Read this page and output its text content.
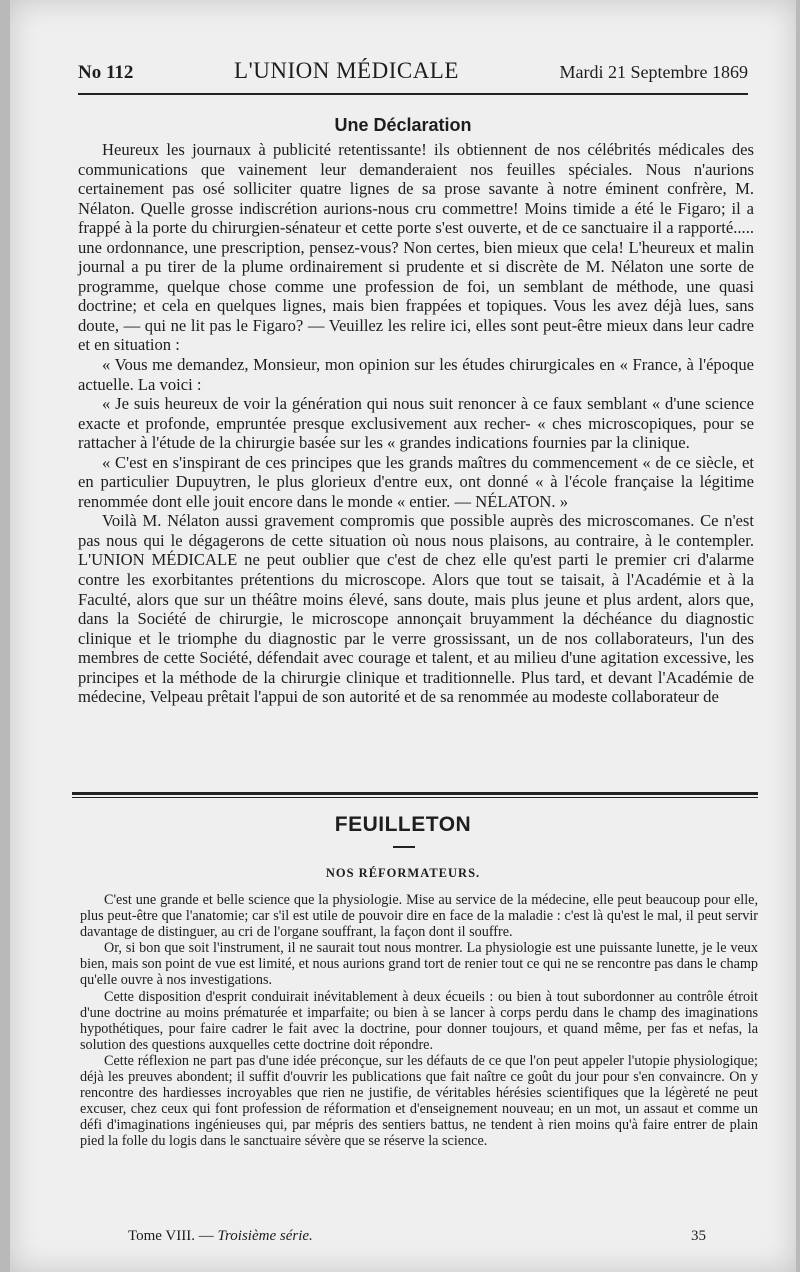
No 112	L'UNION MÉDICALE	Mardi 21 Septembre 1869
Une Déclaration

Heureux les journaux à publicité retentissante! ils obtiennent de nos célébrités médicales des communications que vainement leur demanderaient nos feuilles spéciales. Nous n'aurions certainement pas osé solliciter quatre lignes de sa prose savante à notre éminent confrère, M. Nélaton. Quelle grosse indiscrétion aurions-nous cru commettre! Moins timide a été le Figaro; il a frappé à la porte du chirurgien-sénateur et cette porte s'est ouverte, et de ce sanctuaire il a rapporté..... une ordonnance, une prescription, pensez-vous? Non certes, bien mieux que cela! L'heureux et malin journal a pu tirer de la plume ordinairement si prudente et si discrète de M. Nélaton une sorte de programme, quelque chose comme une profession de foi, un semblant de méthode, une quasi doctrine; et cela en quelques lignes, mais bien frappées et topiques. Vous les avez déjà lues, sans doute, — qui ne lit pas le Figaro? — Veuillez les relire ici, elles sont peut-être mieux dans leur cadre et en situation :

« Vous me demandez, Monsieur, mon opinion sur les études chirurgicales en « France, à l'époque actuelle. La voici :

« Je suis heureux de voir la génération qui nous suit renoncer à ce faux semblant « d'une science exacte et profonde, empruntée presque exclusivement aux recher- « ches microscopiques, pour se rattacher à l'étude de la chirurgie basée sur les « grandes indications fournies par la clinique.

« C'est en s'inspirant de ces principes que les grands maîtres du commencement « de ce siècle, et en particulier Dupuytren, le plus glorieux d'entre eux, ont donné « à l'école française la légitime renommée dont elle jouit encore dans le monde « entier. — NÉLATON. »

Voilà M. Nélaton aussi gravement compromis que possible auprès des microscomanes. Ce n'est pas nous qui le dégagerons de cette situation où nous nous plaisons, au contraire, à le contempler. L'UNION MÉDICALE ne peut oublier que c'est de chez elle qu'est parti le premier cri d'alarme contre les exorbitantes prétentions du microscope. Alors que tout se taisait, à l'Académie et à la Faculté, alors que sur un théâtre moins élevé, sans doute, mais plus jeune et plus ardent, alors que, dans la Société de chirurgie, le microscope annonçait bruyamment la déchéance du diagnostic clinique et le triomphe du diagnostic par le verre grossissant, un de nos collaborateurs, l'un des membres de cette Société, défendait avec courage et talent, et au milieu d'une agitation excessive, les principes et la méthode de la chirurgie clinique et traditionnelle. Plus tard, et devant l'Académie de médecine, Velpeau prêtait l'appui de son autorité et de sa renommée au modeste collaborateur de

FEUILLETON
NOS RÉFORMATEURS.

C'est une grande et belle science que la physiologie. Mise au service de la médecine, elle peut beaucoup pour elle, plus peut-être que l'anatomie; car s'il est utile de pouvoir dire en face de la maladie : c'est là qu'est le mal, il peut servir davantage de distinguer, au cri de l'organe souffrant, la façon dont il souffre.

Or, si bon que soit l'instrument, il ne saurait tout nous montrer. La physiologie est une puissante lunette, je le veux bien, mais son point de vue est limité, et nous aurions grand tort de renier tout ce qui ne se rencontre pas dans le champ qu'elle ouvre à nos investigations.

Cette disposition d'esprit conduirait inévitablement à deux écueils : ou bien à tout subordonner au contrôle étroit d'une doctrine au moins prématurée et imparfaite; ou bien à se lancer à corps perdu dans le champ des imaginations hypothétiques, pour faire cadrer le fait avec la doctrine, pour donner toujours, et quand même, per fas et nefas, la solution des questions auxquelles cette doctrine doit répondre.

Cette réflexion ne part pas d'une idée préconçue, sur les défauts de ce que l'on peut appeler l'utopie physiologique; déjà les preuves abondent; il suffit d'ouvrir les publications que fait naître ce goût du jour pour s'en convaincre. On y rencontre des hardiesses incroyables que rien ne justifie, de véritables hérésies scientifiques que la légèreté ne peut excuser, chez ceux qui font profession de réformation et d'enseignement nouveau; en un mot, un assaut et comme un défi d'imaginations ingénieuses qui, par mépris des sentiers battus, ne tendent à rien moins qu'à faire entrer de plain pied la folle du logis dans le sanctuaire sévère que se réserve la science.

Tome VIII. — Troisième série.	35
